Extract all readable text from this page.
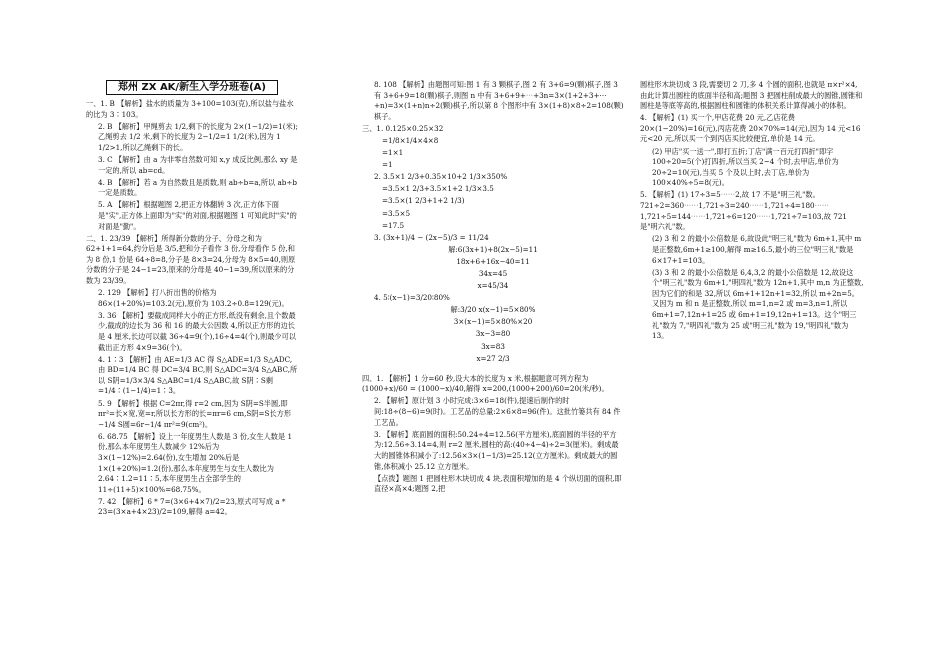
郑州 ZX AK/新生入学分班卷(A)
一、1. B 【解析】盐水的质量为 3+100=103(克),所以盐与盐水的比为 3∶103。
2. B 【解析】甲绳剪去 1/2,剩下的长度为 2×(1−1/2)=1(米);乙绳剪去 1/2 米,剩下的长度为 2−1/2=1 1/2(米),因为 1 1/2>1,所以乙绳剩下的长。
3. C 【解析】由 a 为非零自然数可知 x,y 成反比例,那么 xy 是一定的,所以 ab=cd。
4. B 【解析】若 a 为自然数且是质数,则 ab÷b=a,所以 ab÷b 一定是质数。
5. A 【解析】根据题图 2,把正方体翻转 3 次,正方体下面是"实",正方体上面即为"实"的对面,根据题图 1 可知此时"实"的对面是"勤"。
二、1. 23/39 【解析】所得新分数的分子、分母之和为 62+1+1=64,约分后是 3/5,把和分子看作 3 份,分母看作 5 份,和为 8 份,1 份是 64÷8=8,分子是 8×3=24,分母为 8×5=40,则原分数的分子是 24−1=23,原来的分母是 40−1=39,所以原来的分数为 23/39。
2. 129 【解析】打八折出售的价格为 86×(1+20%)=103.2(元),原价为 103.2÷0.8=129(元)。
3. 36 【解析】要截成同样大小的正方形,纸没有剩余,且个数最少,截成的边长为 36 和 16 的最大公因数 4,所以正方形的边长是 4 厘米,长边可以截 36÷4=9(个),16÷4=4(个),则最少可以截出正方形 4×9=36(个)。
4. 1∶3 【解析】由 AE=1/3 AC 得 S△ADE=1/3 S△ADC,由 BD=1/4 BC 得 DC=3/4 BC,则 S△ADC=3/4 S△ABC,所以 S阴=1/3×3/4 S△ABC=1/4 S△ABC,故 S阴∶S剩=1/4∶(1−1/4)=1∶3。
5. 9 【解析】根据 C=2πr,得 r=2 cm,因为 S阴=S半圆,即 πr²=长×宽,宽=r,所以长方形的长=πr=6 cm,S阴=S长方形−1/4 S圆=6r−1/4 πr²=9(cm²)。
6. 68.75 【解析】设上一年度男生人数是 3 份,女生人数是 1 份,那么本年度男生人数减少 12%后为 3×(1−12%)=2.64(份),女生增加 20%后是 1×(1+20%)=1.2(份),那么本年度男生与女生人数比为 2.64∶1.2=11∶5,本年度男生占全部学生的 11÷(11+5)×100%=68.75%。
7. 42 【解析】6 * 7=(3×6+4×7)/2=23,原式可写成 a * 23=(3×a+4×23)/2=109,解得 a=42。
8. 108 【解析】由题图可知:图 1 有 3 颗棋子,图 2 有 3+6=9(颗)棋子,图 3 有 3+6+9=18(颗)棋子,则图 n 中有 3+6+9+⋯+3n=3×(1+2+3+⋯+n)=3×(1+n)n÷2(颗)棋子,所以第 8 个图形中有 3×(1+8)×8÷2=108(颗)棋子。
三、1. 0.125×0.25×32
=1/8×1/4×4×8
=1×1
=1
2. 3.5×1 2/3+0.35×10+2 1/3×350%
=3.5×1 2/3+3.5×1+2 1/3×3.5
=3.5×(1 2/3+1+2 1/3)
=3.5×5
=17.5
3. (3x+1)/4 − (2x−5)/3 = 11/24
解:6(3x+1)+8(2x−5)=11
18x+6+16x−40=11
34x=45
x=45/34
4. 5∶(x−1)=3/20∶80%
解:3/20 x(x−1)=5×80%
3×(x−1)=5×80%×20
3x−3=80
3x=83
x=27 2/3
四、1. 【解析】1 分=60 秒,设大本的长度为 x 米,根据题意可列方程为 (1000+x)/60 = (1000−x)/40,解得 x=200,(1000+200)/60=20(米/秒)。
2. 【解析】原计划 3 小时完成:3×6=18(件),提速后制作的时间:18÷(8−6)=9(时)。工艺品的总量:2×6×8=96(件)。这批竹篓共有 84 件工艺品。
3. 【解析】底面圆的面积:50.24÷4=12.56(平方厘米),底面圆的半径的平方为:12.56÷3.14=4,则 r=2 厘米,圆柱的高:(40÷4−4)÷2=3(厘米)。剩成最大的圆锥体积减小了:12.56×3×(1−1/3)=25.12(立方厘米)。剩成最大的圆锥,体积减小 25.12 立方厘米。
【点拨】题图 1 把圆柱形木块切成 4 块,表面积增加的是 4 个纵切面的面积,即直径×高×4;题图 2,把
圆柱形木块切成 3 段,需要切 2 刀,多 4 个圆的面积,也就是 π×r²×4,由此计算出圆柱的底面半径和高;题图 3 把圆柱削成最大的圆锥,圆锥和圆柱是等底等高的,根据圆柱和圆锥的体积关系计算得减小的体积。
4. 【解析】(1) 买一个,甲店花费 20 元,乙店花费 20×(1−20%)=16(元),丙店花费 20×70%=14(元),因为 14 元<16 元<20 元,所以买一个到丙店买比较便宜,单价是 14 元。
(2) 甲店"买一送一",即打五折;丁店"满一百元打四折"即字 100÷20=5(个)打四折,所以当买 2~4 个时,去甲店,单价为 20÷2=10(元),当买 5 个及以上时,去丁店,单价为 100×40%÷5=8(元)。
5. 【解析】(1) 17÷3=5⋯⋯2,故 17 不是"明三礼"数。721÷2=360⋯⋯1,721÷3=240⋯⋯1,721÷4=180⋯⋯1,721÷5=144⋯⋯1,721÷6=120⋯⋯1,721÷7=103,故 721 是"明六礼"数。
(2) 3 和 2 的最小公倍数是 6,故设此"明三礼"数为 6m+1,其中 m 是正整数,6m+1≥100,解得 m≥16.5,最小的三位"明三礼"数是 6×17+1=103。
(3) 3 和 2 的最小公倍数是 6,4,3,2 的最小公倍数是 12,故设这个"明三礼"数为 6m+1,"明四礼"数为 12n+1,其中 m,n 为正整数,因为它们的和是 32,所以 6m+1+12n+1=32,所以 m+2n=5。又因为 m 和 n 是正整数,所以 m=1,n=2 或 m=3,n=1,所以 6m+1=7,12n+1=25 或 6m+1=19,12n+1=13。这个"明三礼"数为 7,"明四礼"数为 25 或"明三礼"数为 19,"明四礼"数为 13。
